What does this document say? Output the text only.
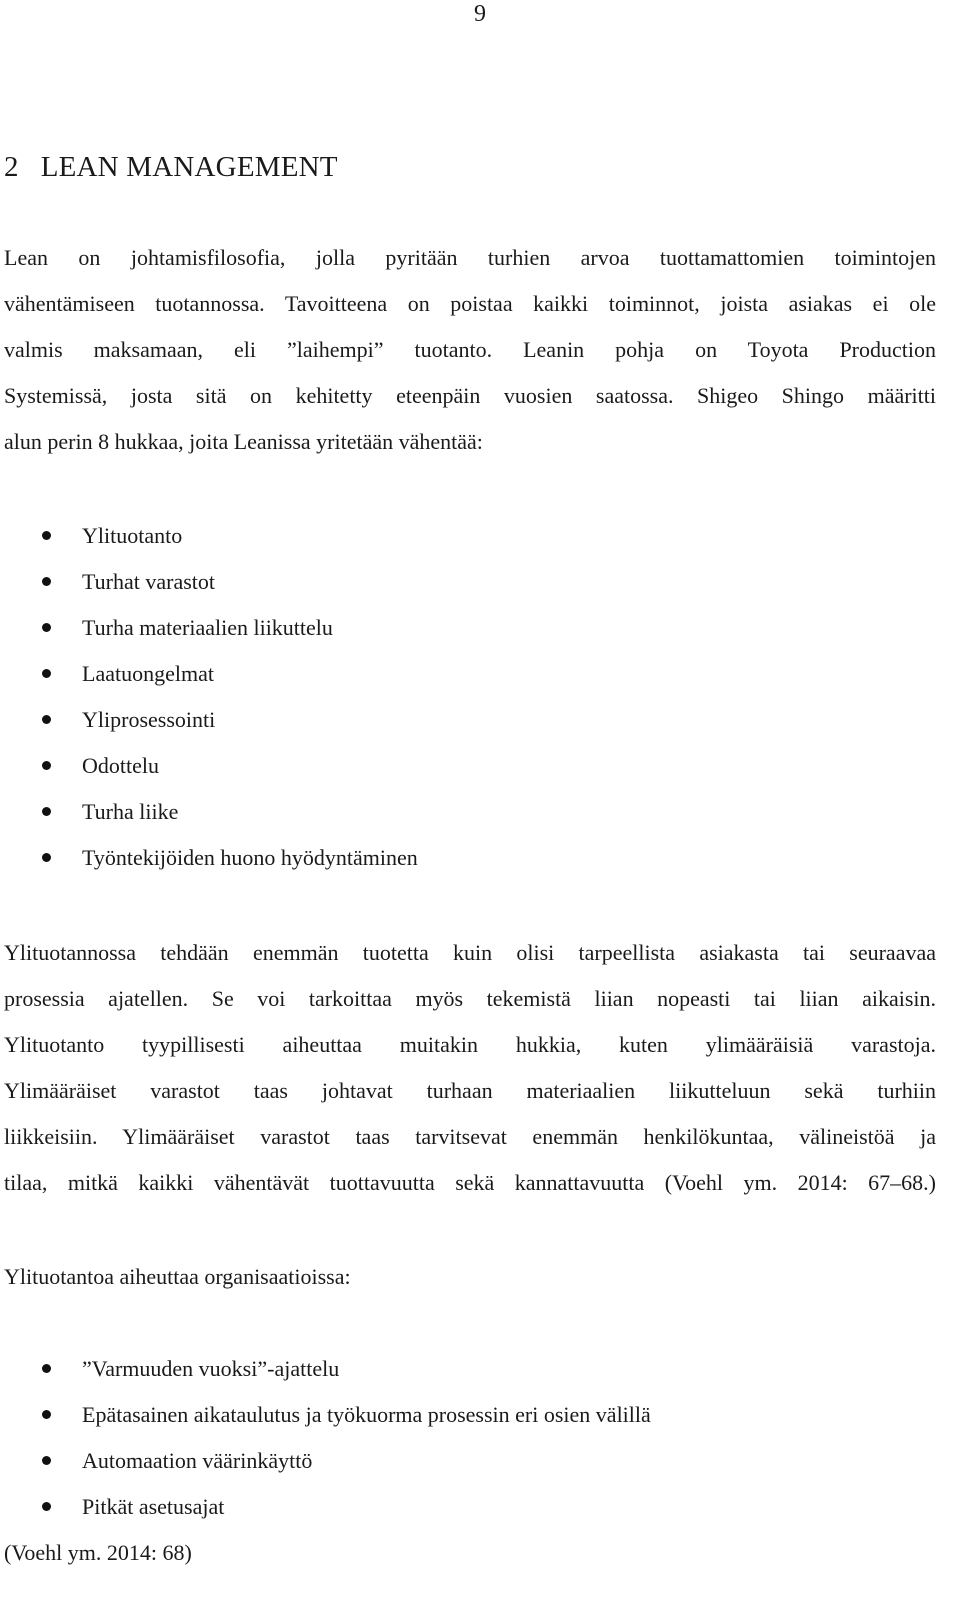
9
2 LEAN MANAGEMENT
Lean on johtamisfilosofia, jolla pyritään turhien arvoa tuottamattomien toimintojen
vähentämiseen tuotannossa. Tavoitteena on poistaa kaikki toiminnot, joista asiakas ei ole
valmis maksamaan, eli ”laihempi” tuotanto. Leanin pohja on Toyota Production
Systemissä, josta sitä on kehitetty eteenpäin vuosien saatossa. Shigeo Shingo määritti
alun perin 8 hukkaa, joita Leanissa yritetään vähentää:
Ylituotanto
Turhat varastot
Turha materiaalien liikuttelu
Laatuongelmat
Yliprosessointi
Odottelu
Turha liike
Työntekijöiden huono hyödyntäminen
Ylituotannossa tehdään enemmän tuotetta kuin olisi tarpeellista asiakasta tai seuraavaa
prosessia ajatellen. Se voi tarkoittaa myös tekemistä liian nopeasti tai liian aikaisin.
Ylituotanto tyypillisesti aiheuttaa muitakin hukkia, kuten ylimääräisiä varastoja.
Ylimääräiset varastot taas johtavat turhaan materiaalien liikutteluun sekä turhiin
liikkeisiin. Ylimääräiset varastot taas tarvitsevat enemmän henkilökuntaa, välineistöä ja
tilaa, mitkä kaikki vähentävät tuottavuutta sekä kannattavuutta (Voehl ym. 2014: 67–68.)
Ylituotantoa aiheuttaa organisaatioissa:
”Varmuuden vuoksi”-ajattelu
Epätasainen aikataulutus ja työkuorma prosessin eri osien välillä
Automaation väärinkäyttö
Pitkät asetusajat
(Voehl ym. 2014: 68)
